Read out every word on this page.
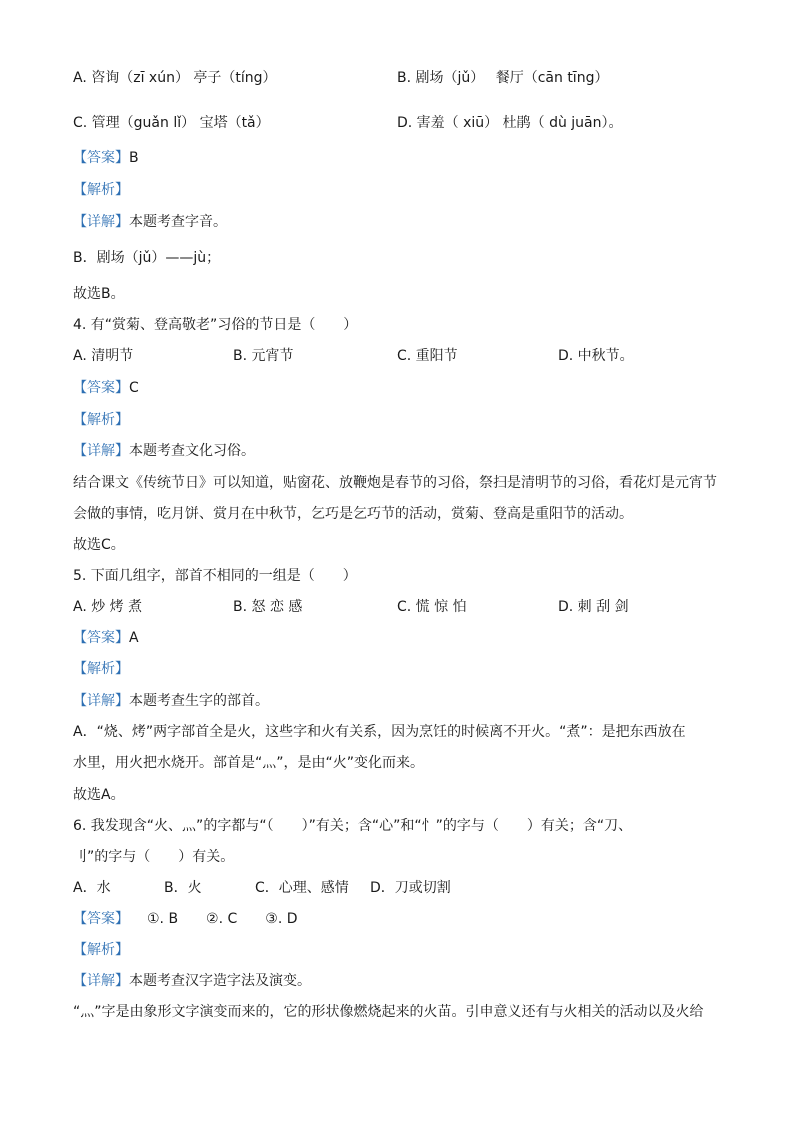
A. 咨询（zī xún） 亭子（tíng）	B. 剧场（jǔ）　 餐厅（cān tīng）
C. 管理（guǎn lǐ） 宝塔（tǎ）	D. 害羞（ xiū） 杜鹃（ dù juān）。
【答案】B
【解析】
【详解】本题考查字音。
B．剧场（jǔ）——jù；
故选B。
4. 有“赏菊、登高敬老”习俗的节日是（　　）
A. 清明节	B. 元宵节	C. 重阳节	D. 中秋节。
【答案】C
【解析】
【详解】本题考查文化习俗。
结合课文《传统节日》可以知道，贴窗花、放鞭炮是春节的习俗，祭扫是清明节的习俗，看花灯是元宵节
会做的事情，吃月饼、赏月在中秋节，乞巧是乞巧节的活动，赏菊、登高是重阳节的活动。
故选C。
5. 下面几组字，部首不相同的一组是（　　）
A. 炒 烤 煮	B. 怒 恋 感	C. 慌 惊 怕	D. 刺 刮 剑
【答案】A
【解析】
【详解】本题考查生字的部首。
A．“烧、烤”两字部首全是火，这些字和火有关系，因为烹饪的时候离不开火。“煮”：是把东西放在
水里，用火把水烧开。部首是“灬”，是由“火”变化而来。
故选A。
6. 我发现含“火、灬”的字都与“（　　）”有关；含“心”和“忄”的字与（　　）有关；含“刀、
刂”的字与（　　）有关。
A．水	B．火	C．心理、感情 D．刀或切割
【答案】 ①. B　　②. C　　③. D
【解析】
【详解】本题考查汉字造字法及演变。
“灬”字是由象形文字演变而来的，它的形状像燃烧起来的火苗。引申意义还有与火相关的活动以及火给
